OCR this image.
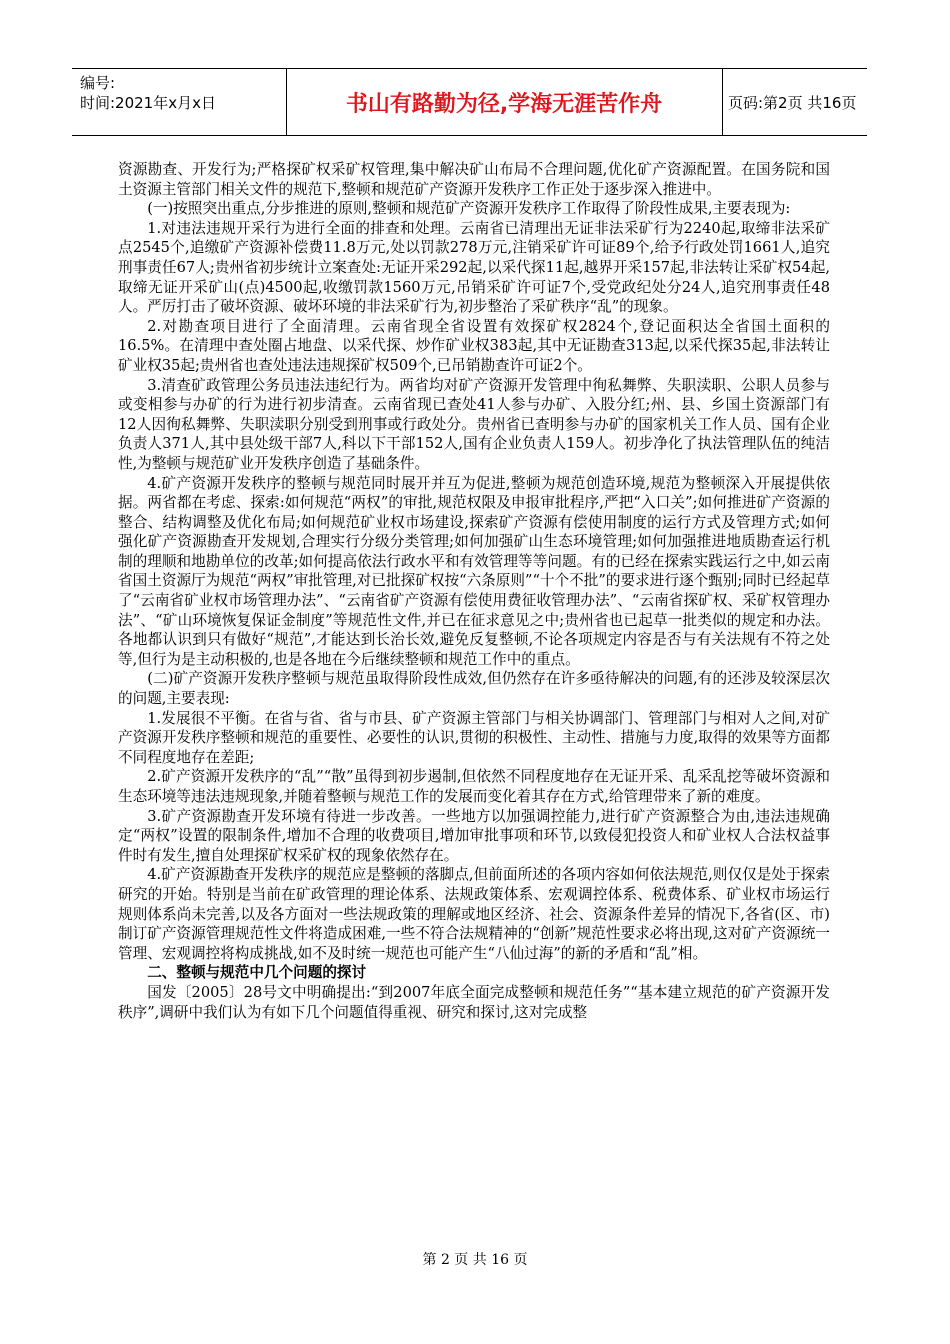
编号:
时间:2021年x月x日	书山有路勤为径,学海无涯苦作舟	页码:第2页 共16页

资源勘查、开发行为;严格探矿权采矿权管理,集中解决矿山布局不合理问题,优化矿产资源配置。在国务院和国土资源主管部门相关文件的规范下,整顿和规范矿产资源开发秩序工作正处于逐步深入推进中。

(一)按照突出重点,分步推进的原则,整顿和规范矿产资源开发秩序工作取得了阶段性成果,主要表现为:

1.对违法违规开采行为进行全面的排查和处理。云南省已清理出无证非法采矿行为2240起,取缔非法采矿点2545个,追缴矿产资源补偿费11.8万元,处以罚款278万元,注销采矿许可证89个,给予行政处罚1661人,追究刑事责任67人;贵州省初步统计立案查处:无证开采292起,以采代探11起,越界开采157起,非法转让采矿权54起,取缔无证开采矿山(点)4500起,收缴罚款1560万元,吊销采矿许可证7个,受党政纪处分24人,追究刑事责任48人。严厉打击了破坏资源、破坏环境的非法采矿行为,初步整治了采矿秩序“乱”的现象。

2.对勘查项目进行了全面清理。云南省现全省设置有效探矿权2824个,登记面积达全省国土面积的16.5%。在清理中查处圈占地盘、以采代探、炒作矿业权383起,其中无证勘查313起,以采代探35起,非法转让矿业权35起;贵州省也查处违法违规探矿权509个,已吊销勘查许可证2个。

3.清查矿政管理公务员违法违纪行为。两省均对矿产资源开发管理中徇私舞弊、失职渎职、公职人员参与或变相参与办矿的行为进行初步清查。云南省现已查处41人参与办矿、入股分红;州、县、乡国土资源部门有12人因徇私舞弊、失职渎职分别受到刑事或行政处分。贵州省已查明参与办矿的国家机关工作人员、国有企业负责人371人,其中县处级干部7人,科以下干部152人,国有企业负责人159人。初步净化了执法管理队伍的纯洁性,为整顿与规范矿业开发秩序创造了基础条件。

4.矿产资源开发秩序的整顿与规范同时展开并互为促进,整顿为规范创造环境,规范为整顿深入开展提供依据。两省都在考虑、探索:如何规范“两权”的审批,规范权限及申报审批程序,严把“入口关”;如何推进矿产资源的整合、结构调整及优化布局;如何规范矿业权市场建设,探索矿产资源有偿使用制度的运行方式及管理方式;如何强化矿产资源勘查开发规划,合理实行分级分类管理;如何加强矿山生态环境管理;如何加强推进地质勘查运行机制的理顺和地勘单位的改革;如何提高依法行政水平和有效管理等等问题。有的已经在探索实践运行之中,如云南省国土资源厅为规范“两权”审批管理,对已批探矿权按“六条原则”“十个不批”的要求进行逐个甄别;同时已经起草了“云南省矿业权市场管理办法”、“云南省矿产资源有偿使用费征收管理办法”、“云南省探矿权、采矿权管理办法”、“矿山环境恢复保证金制度”等规范性文件,并已在征求意见之中;贵州省也已起草一批类似的规定和办法。各地都认识到只有做好“规范”,才能达到长治长效,避免反复整顿,不论各项规定内容是否与有关法规有不符之处等,但行为是主动积极的,也是各地在今后继续整顿和规范工作中的重点。

(二)矿产资源开发秩序整顿与规范虽取得阶段性成效,但仍然存在许多亟待解决的问题,有的还涉及较深层次的问题,主要表现:

1.发展很不平衡。在省与省、省与市县、矿产资源主管部门与相关协调部门、管理部门与相对人之间,对矿产资源开发秩序整顿和规范的重要性、必要性的认识,贯彻的积极性、主动性、措施与力度,取得的效果等方面都不同程度地存在差距;

2.矿产资源开发秩序的“乱”“散”虽得到初步遏制,但依然不同程度地存在无证开采、乱采乱挖等破坏资源和生态环境等违法违规现象,并随着整顿与规范工作的发展而变化着其存在方式,给管理带来了新的难度。

3.矿产资源勘查开发环境有待进一步改善。一些地方以加强调控能力,进行矿产资源整合为由,违法违规确定“两权”设置的限制条件,增加不合理的收费项目,增加审批事项和环节,以致侵犯投资人和矿业权人合法权益事件时有发生,擅自处理探矿权采矿权的现象依然存在。

4.矿产资源勘查开发秩序的规范应是整顿的落脚点,但前面所述的各项内容如何依法规范,则仅仅是处于探索研究的开始。特别是当前在矿政管理的理论体系、法规政策体系、宏观调控体系、税费体系、矿业权市场运行规则体系尚未完善,以及各方面对一些法规政策的理解或地区经济、社会、资源条件差异的情况下,各省(区、市)制订矿产资源管理规范性文件将造成困难,一些不符合法规精神的“创新”规范性要求必将出现,这对矿产资源统一管理、宏观调控将构成挑战,如不及时统一规范也可能产生“八仙过海”的新的矛盾和“乱”相。

二、整顿与规范中几个问题的探讨

国发〔2005〕28号文中明确提出:“到2007年底全面完成整顿和规范任务”“基本建立规范的矿产资源开发秩序”,调研中我们认为有如下几个问题值得重视、研究和探讨,这对完成整

第 2 页 共 16 页
